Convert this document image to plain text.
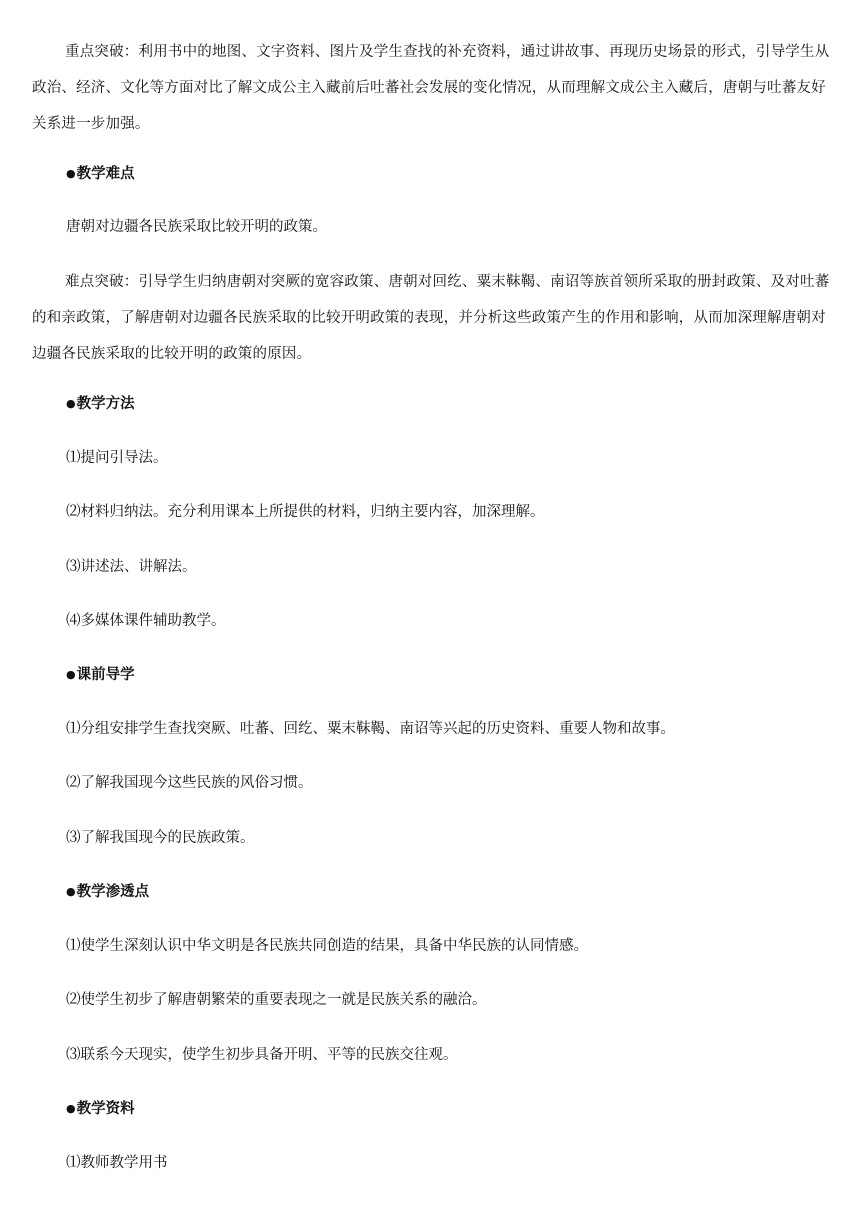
重点突破：利用书中的地图、文字资料、图片及学生查找的补充资料，通过讲故事、再现历史场景的形式，引导学生从政治、经济、文化等方面对比了解文成公主入藏前后吐蕃社会发展的变化情况，从而理解文成公主入藏后，唐朝与吐蕃友好关系进一步加强。

●教学难点
唐朝对边疆各民族采取比较开明的政策。

难点突破：引导学生归纳唐朝对突厥的宽容政策、唐朝对回纥、粟末靺鞨、南诏等族首领所采取的册封政策、及对吐蕃的和亲政策，了解唐朝对边疆各民族采取的比较开明政策的表现，并分析这些政策产生的作用和影响，从而加深理解唐朝对边疆各民族采取的比较开明的政策的原因。

●教学方法
⑴提问引导法。
⑵材料归纳法。充分利用课本上所提供的材料，归纳主要内容，加深理解。
⑶讲述法、讲解法。
⑷多媒体课件辅助教学。
●课前导学
⑴分组安排学生查找突厥、吐蕃、回纥、粟末靺鞨、南诏等兴起的历史资料、重要人物和故事。
⑵了解我国现今这些民族的风俗习惯。
⑶了解我国现今的民族政策。
●教学渗透点
⑴使学生深刻认识中华文明是各民族共同创造的结果，具备中华民族的认同情感。
⑵使学生初步了解唐朝繁荣的重要表现之一就是民族关系的融洽。
⑶联系今天现实，使学生初步具备开明、平等的民族交往观。
●教学资料
⑴教师教学用书
